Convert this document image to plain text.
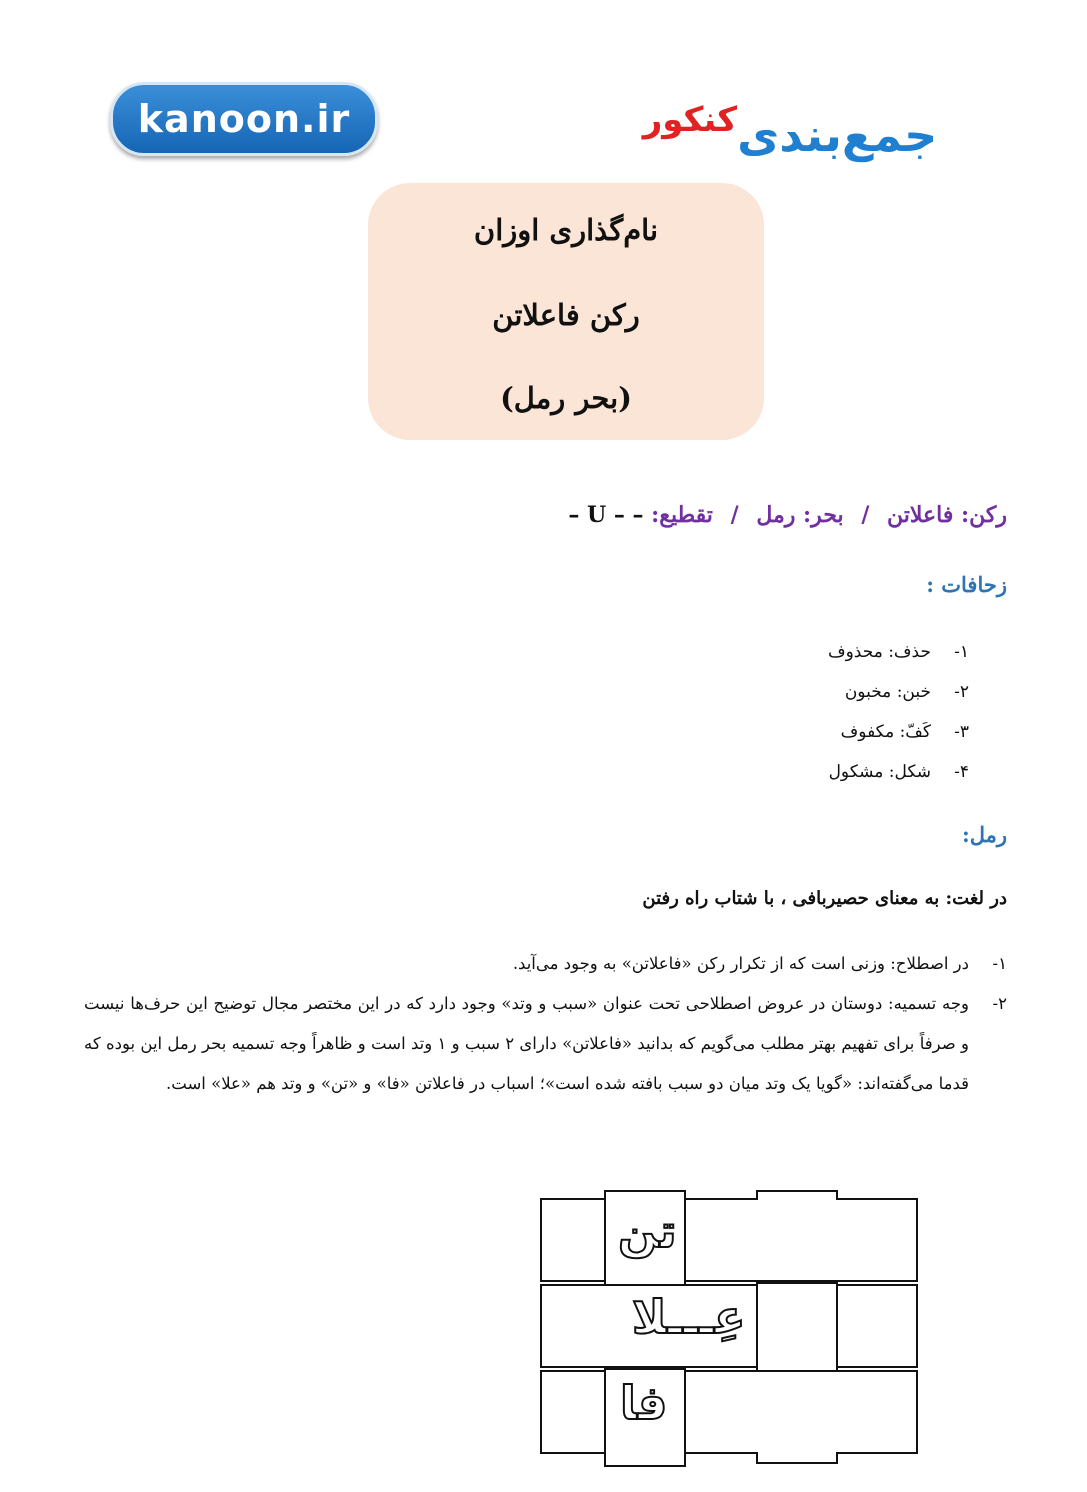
kanoon.ir	جمع‌بندی
کنکور
نام‌گذاری اوزان
رکن فاعلاتن
(بحر رمل)
رکن: فاعلاتن / بحر: رمل / تقطیع: – U – –
زحافات :
۱-
حذف: محذوف
۲-
خبن: مخبون
۳-
کَفّ: مکفوف
۴-
شکل: مشکول
رمل:
در لغت: به معنای حصیربافی ، با شتاب راه رفتن
۱-
در اصطلاح: وزنی است که از تکرار رکن «فاعلاتن» به وجود می‌آید.
۲-
وجه تسمیه: دوستان در عروض اصطلاحی تحت عنوان «سبب و وتد» وجود دارد که در این مختصر مجال توضیح این حرف‌ها نیست و صرفاً برای تفهیم بهتر مطلب می‌گویم که بدانید «فاعلاتن» دارای ۲ سبب و ۱ وتد است و ظاهراً وجه تسمیه بحر رمل این بوده که قدما می‌گفته‌اند: «گویا یک وتد میان دو سبب بافته شده است»؛ اسباب در فاعلاتن «فا» و «تن» و وتد هم «علا» است.
تن
فا
عِـــلا
